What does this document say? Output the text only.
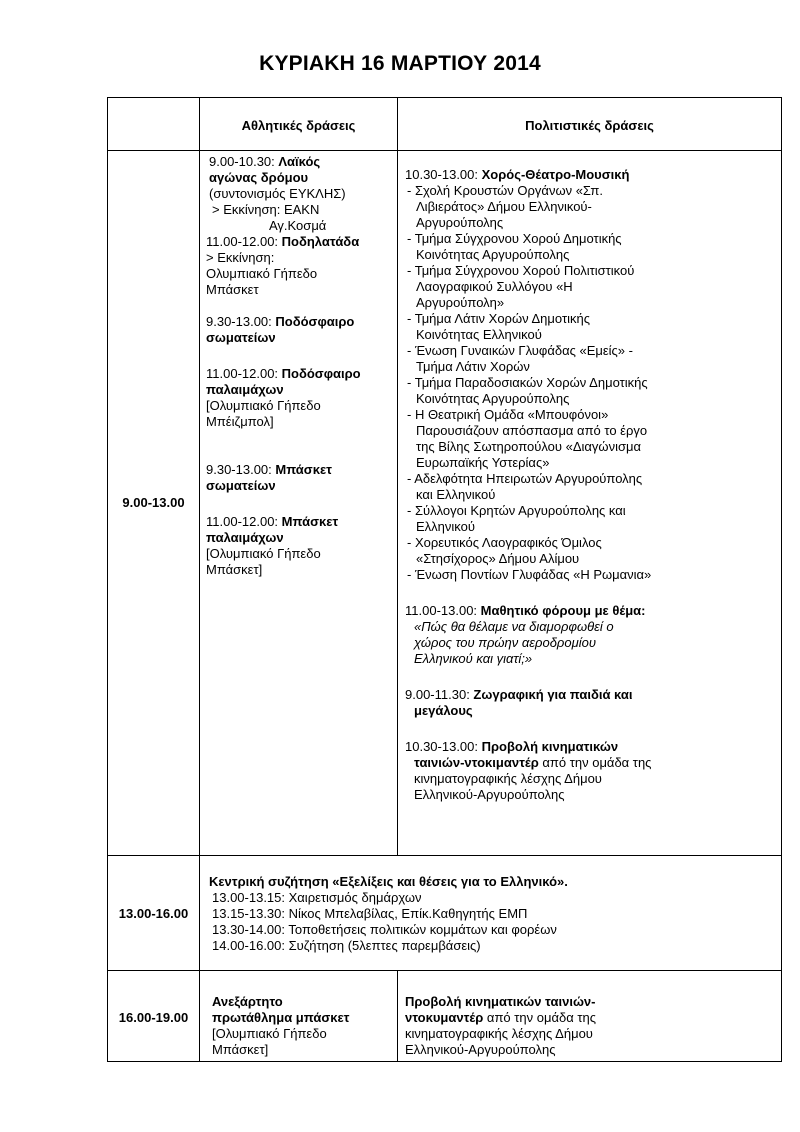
ΚΥΡΙΑΚΗ 16 ΜΑΡΤΙΟΥ 2014
Αθλητικές δράσεις	Πολιτιστικές δράσεις
9.00-13.00
9.00-10.30: Λαϊκός
αγώνας δρόμου
(συντονισμός ΕΥΚΛΗΣ)
> Εκκίνηση: ΕΑΚΝ
Αγ.Κοσμά
11.00-12.00: Ποδηλατάδα
> Εκκίνηση:
Ολυμπιακό Γήπεδο
Μπάσκετ
9.30-13.00: Ποδόσφαιρο
σωματείων
11.00-12.00: Ποδόσφαιρο
παλαιμάχων
[Ολυμπιακό Γήπεδο
Μπέιζμπολ]
9.30-13.00: Μπάσκετ
σωματείων
11.00-12.00: Μπάσκετ
παλαιμάχων
[Ολυμπιακό Γήπεδο
Μπάσκετ]
10.30-13.00: Χορός-Θέατρο-Μουσική
- Σχολή Κρουστών Οργάνων «Σπ.
Λιβιεράτος» Δήμου Ελληνικού-
Αργυρούπολης
- Τμήμα Σύγχρονου Χορού Δημοτικής
Κοινότητας Αργυρούπολης
- Τμήμα Σύγχρονου Χορού Πολιτιστικού
Λαογραφικού Συλλόγου «Η
Αργυρούπολη»
- Τμήμα Λάτιν Χορών Δημοτικής
Κοινότητας Ελληνικού
- Ένωση Γυναικών Γλυφάδας «Εμείς» -
Τμήμα Λάτιν Χορών
- Τμήμα Παραδοσιακών Χορών Δημοτικής
Κοινότητας Αργυρούπολης
- Η Θεατρική Ομάδα «Μπουφόνοι»
Παρουσιάζουν απόσπασμα από το έργο
της Βίλης Σωτηροπούλου «Διαγώνισμα
Ευρωπαϊκής Υστερίας»
- Αδελφότητα Ηπειρωτών Αργυρούπολης
και Ελληνικού
- Σύλλογοι Κρητών Αργυρούπολης και
Ελληνικού
- Χορευτικός Λαογραφικός Όμιλος
«Στησίχορος» Δήμου Αλίμου
- Ένωση Ποντίων Γλυφάδας «Η Ρωμανια»
11.00-13.00: Μαθητικό φόρουμ με θέμα:
«Πώς θα θέλαμε να διαμορφωθεί ο
χώρος του πρώην αεροδρομίου
Ελληνικού και γιατί;»
9.00-11.30: Ζωγραφική για παιδιά και
μεγάλους
10.30-13.00: Προβολή κινηματικών
ταινιών-ντοκιμαντέρ από την ομάδα της
κινηματογραφικής λέσχης Δήμου
Ελληνικού-Αργυρούπολης
13.00-16.00
Κεντρική συζήτηση «Εξελίξεις και θέσεις για το Ελληνικό».
13.00-13.15: Χαιρετισμός δημάρχων
13.15-13.30: Νίκος Μπελαβίλας, Επίκ.Καθηγητής ΕΜΠ
13.30-14.00: Τοποθετήσεις πολιτικών κομμάτων και φορέων
14.00-16.00: Συζήτηση (5λεπτες παρεμβάσεις)
16.00-19.00
Ανεξάρτητο
πρωτάθλημα μπάσκετ
[Ολυμπιακό Γήπεδο
Μπάσκετ]
Προβολή κινηματικών ταινιών-
ντοκυμαντέρ από την ομάδα της
κινηματογραφικής λέσχης Δήμου
Ελληνικού-Αργυρούπολης
